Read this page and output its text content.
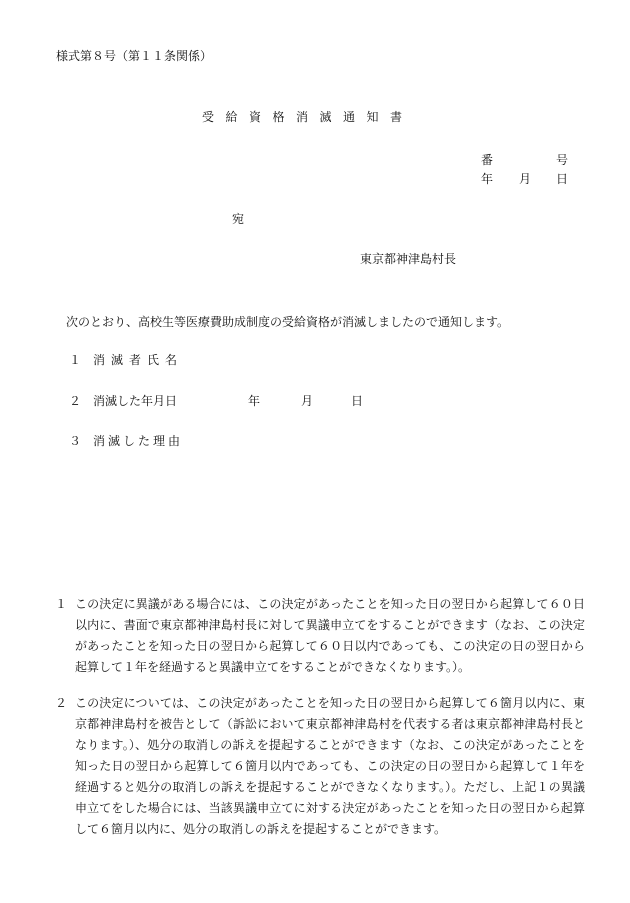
様式第８号（第１１条関係）
受給資格消滅通知書
番	号
年 月 日
宛
東京都神津島村長
次のとおり、高校生等医療費助成制度の受給資格が消滅しましたので通知します。
１ 消滅者氏名
２ 消滅した年月日	年	月	日
３ 消滅した理由
１ この決定に異議がある場合には、この決定があったことを知った日の翌日から起算して６０日以内に、書面で東京都神津島村長に対して異議申立てをすることができます（なお、この決定があったことを知った日の翌日から起算して６０日以内であっても、この決定の日の翌日から起算して１年を経過すると異議申立てをすることができなくなります。）。
２ この決定については、この決定があったことを知った日の翌日から起算して６箇月以内に、東京都神津島村を被告として（訴訟において東京都神津島村を代表する者は東京都神津島村長となります。）、処分の取消しの訴えを提起することができます（なお、この決定があったことを知った日の翌日から起算して６箇月以内であっても、この決定の日の翌日から起算して１年を経過すると処分の取消しの訴えを提起することができなくなります。）。ただし、上記１の異議申立てをした場合には、当該異議申立てに対する決定があったことを知った日の翌日から起算して６箇月以内に、処分の取消しの訴えを提起することができます。
